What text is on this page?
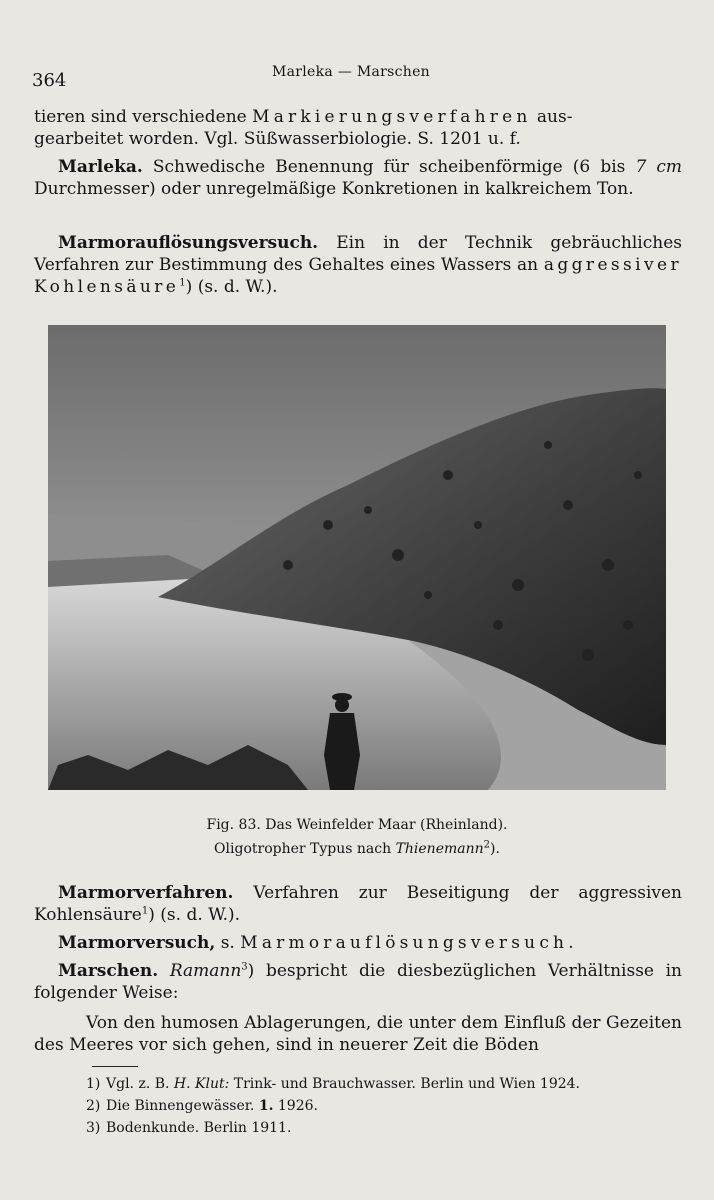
364	Marleka — Marschen
tieren sind verschiedene Markierungsverfahren aus-
gearbeitet worden. Vgl. Süßwasserbiologie. S. 1201 u. f.
Marleka. Schwedische Benennung für scheibenförmige (6 bis 7 cm Durchmesser) oder unregelmäßige Konkretionen in kalkreichem Ton.
Marmorauflösungsversuch. Ein in der Technik gebräuchliches Verfahren zur Bestimmung des Gehaltes eines Wassers an aggressiver Kohlensäure$^1$) (s. d. W.).
Fig. 83. Das Weinfelder Maar (Rheinland).
Oligotropher Typus nach Thienemann$^2$).
Marmorverfahren. Verfahren zur Beseitigung der aggressiven Kohlensäure$^1$) (s. d. W.).
Marmorversuch, s. Marmorauflösungsversuch.
Marschen. Ramann$^3$) bespricht die diesbezüglichen Verhältnisse in folgender Weise:
Von den humosen Ablagerungen, die unter dem Einfluß der Gezeiten des Meeres vor sich gehen, sind in neuerer Zeit die Böden
1) Vgl. z. B. H. Klut: Trink- und Brauchwasser. Berlin und Wien 1924.
2) Die Binnengewässer. 1. 1926.
3) Bodenkunde. Berlin 1911.
